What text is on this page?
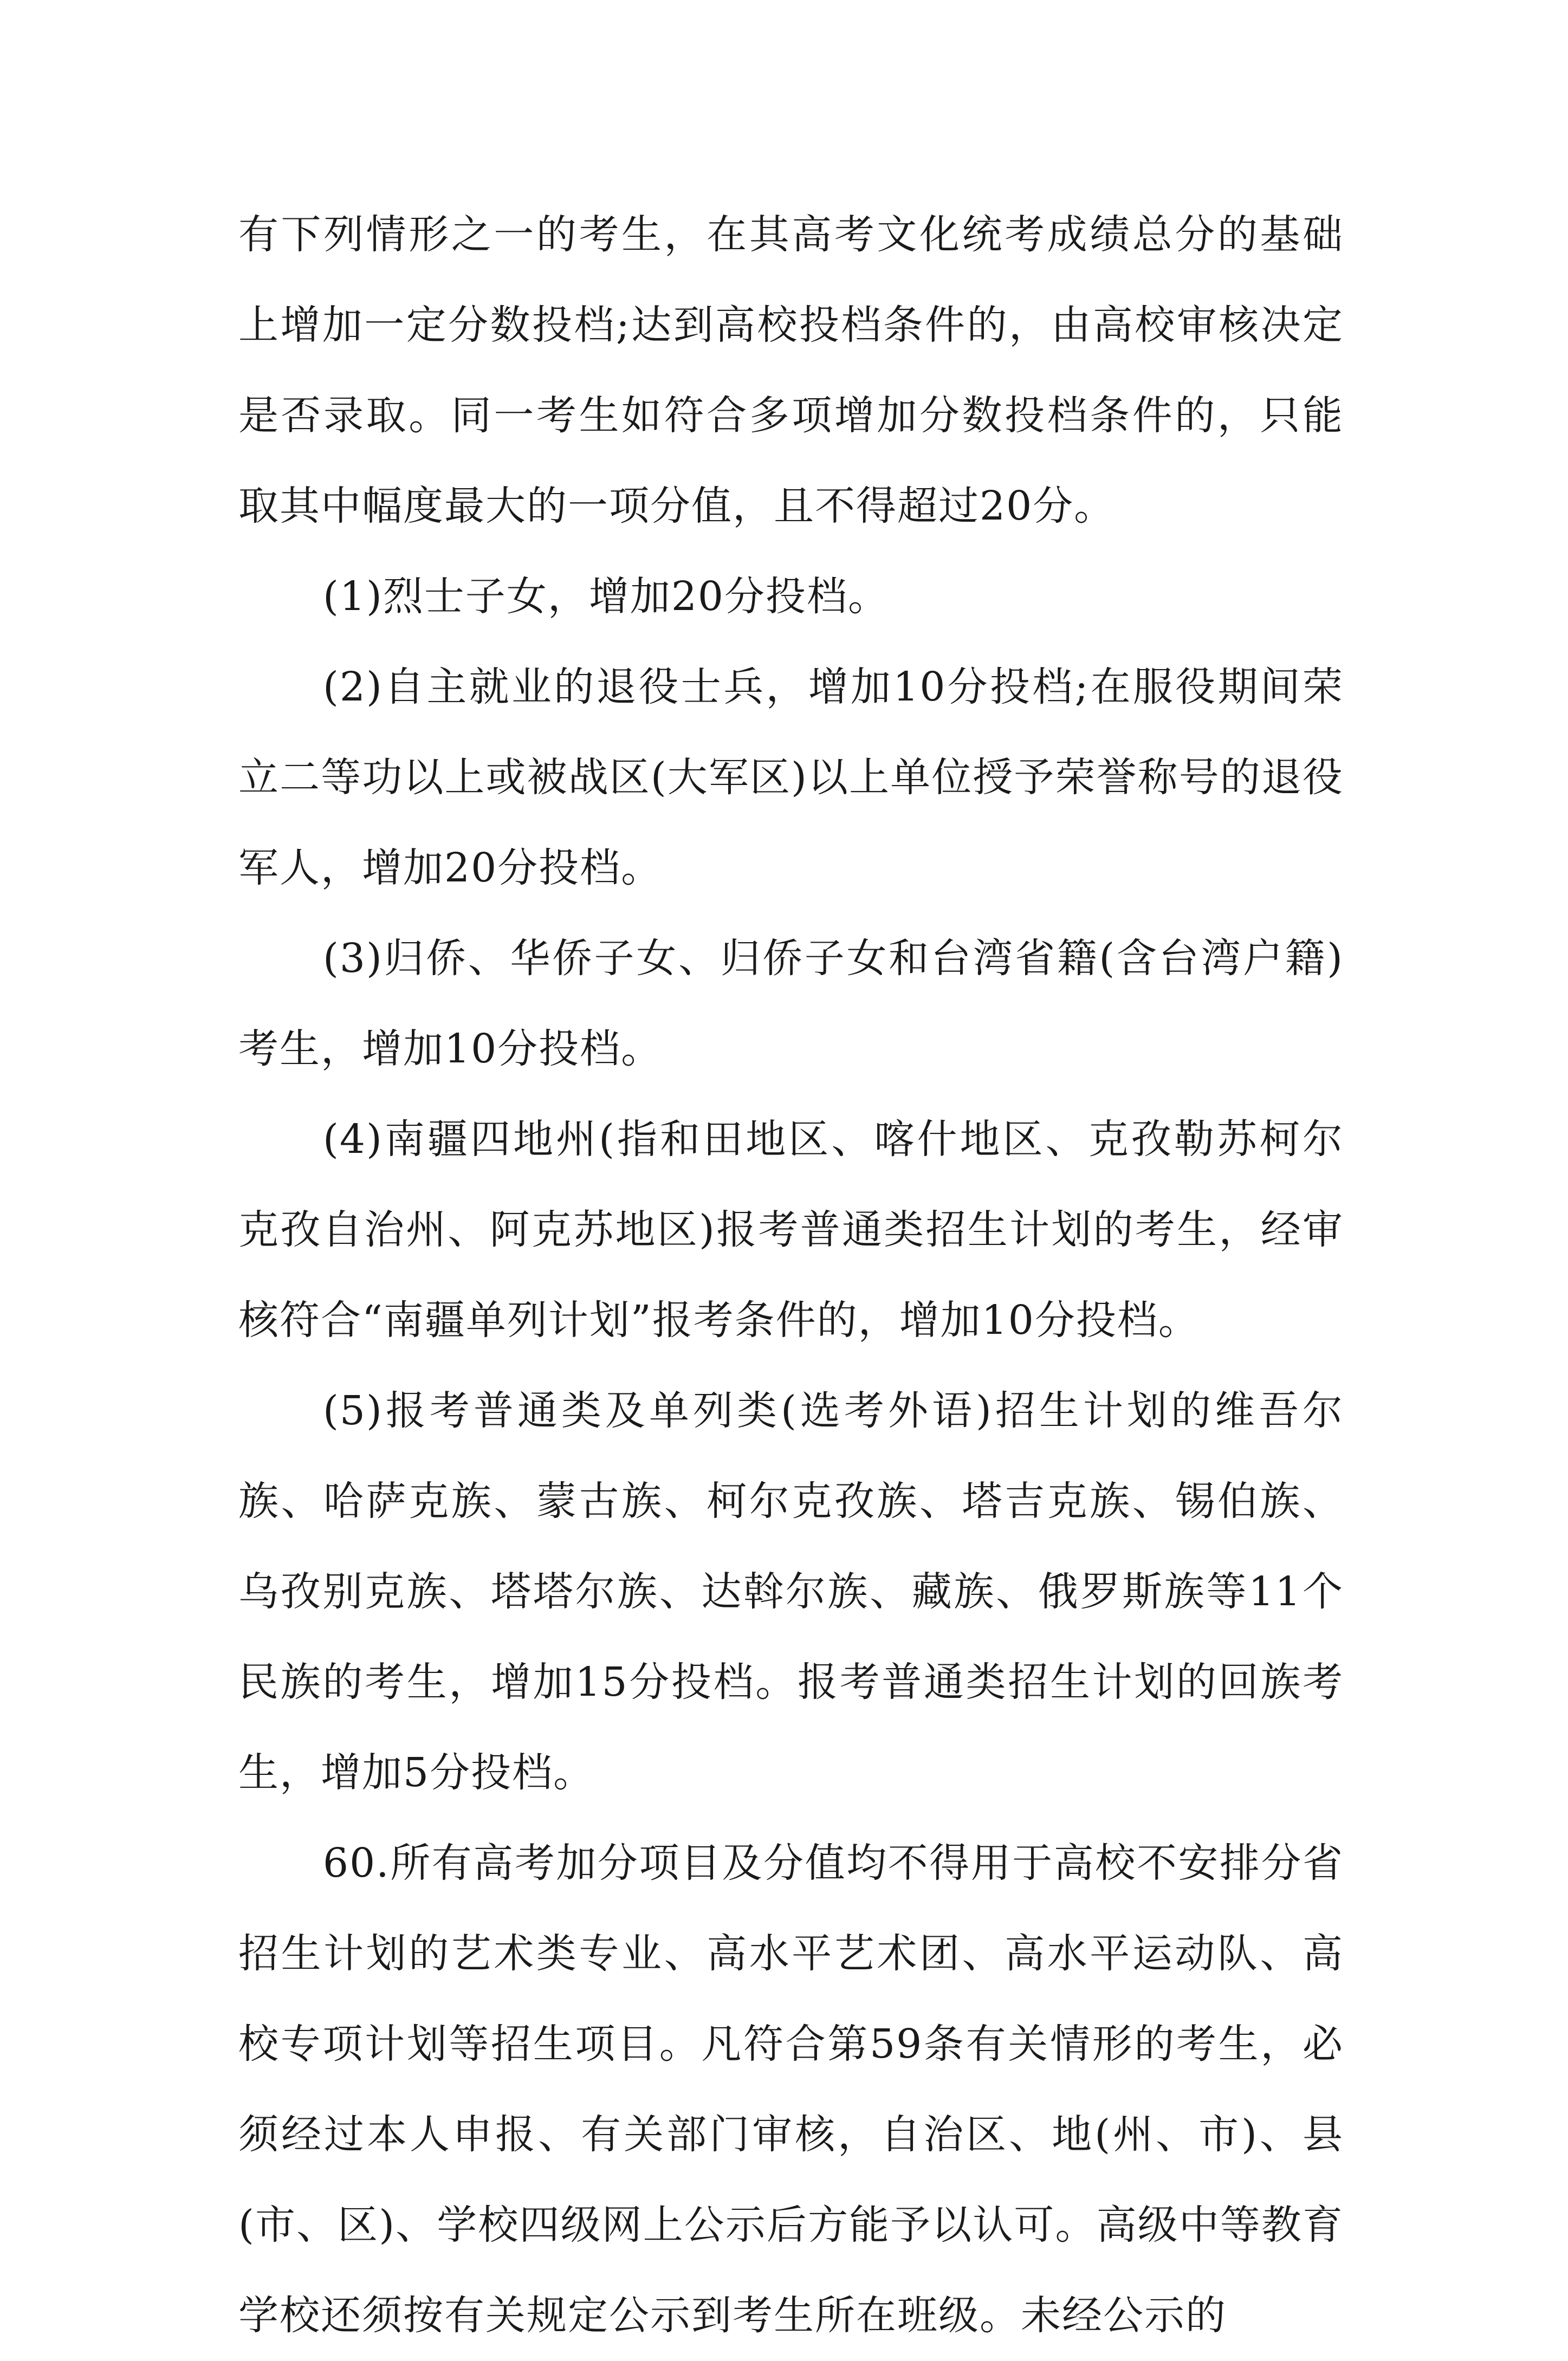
有下列情形之一的考生，在其高考文化统考成绩总分的基础上增加一定分数投档;达到高校投档条件的，由高校审核决定是否录取。同一考生如符合多项增加分数投档条件的，只能取其中幅度最大的一项分值，且不得超过20分。

(1)烈士子女，增加20分投档。

(2)自主就业的退役士兵，增加10分投档;在服役期间荣立二等功以上或被战区(大军区)以上单位授予荣誉称号的退役军人，增加20分投档。

(3)归侨、华侨子女、归侨子女和台湾省籍(含台湾户籍)考生，增加10分投档。

(4)南疆四地州(指和田地区、喀什地区、克孜勒苏柯尔克孜自治州、阿克苏地区)报考普通类招生计划的考生，经审核符合“南疆单列计划”报考条件的，增加10分投档。

(5)报考普通类及单列类(选考外语)招生计划的维吾尔族、哈萨克族、蒙古族、柯尔克孜族、塔吉克族、锡伯族、乌孜别克族、塔塔尔族、达斡尔族、藏族、俄罗斯族等11个民族的考生，增加15分投档。报考普通类招生计划的回族考生，增加5分投档。

60.所有高考加分项目及分值均不得用于高校不安排分省招生计划的艺术类专业、高水平艺术团、高水平运动队、高校专项计划等招生项目。凡符合第59条有关情形的考生，必须经过本人申报、有关部门审核，自治区、地(州、市)、县(市、区)、学校四级网上公示后方能予以认可。高级中等教育学校还须按有关规定公示到考生所在班级。未经公示的
